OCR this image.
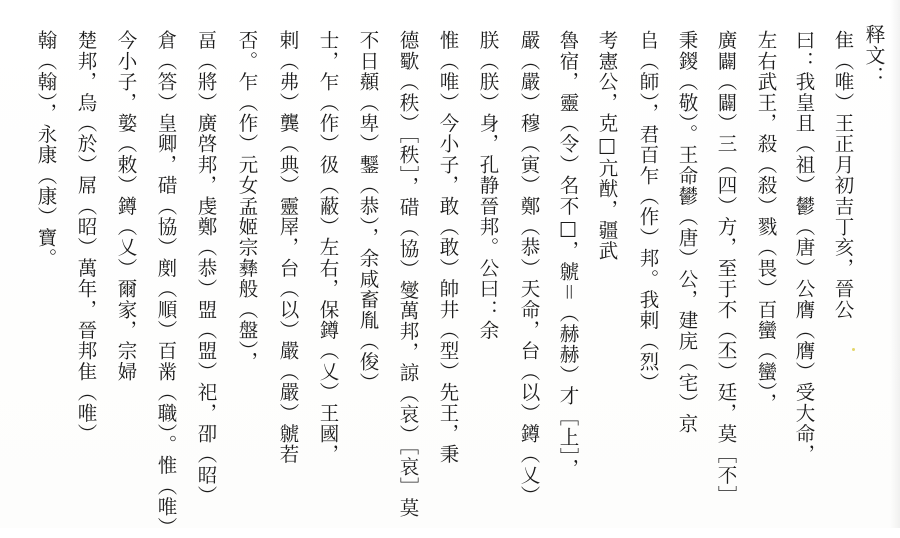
释文：
隹（唯）王正月初吉丁亥，晉公
曰：我皇且（祖）鬰（唐）公膺（膺）受大命，
左右武王，殺（殺）戮（畏）百蠻（蠻），
廣闢（闢）三（四）方，至于不（丕）廷，莫［不］
秉鍐（敬）。王命鬰（唐）公，建庑（宅）京
𠂤（師），君百乍（作）邦。我剌（烈）
考憲公，克□亢猷，疆武
魯宿，靈（令）名不□，虩＝（赫赫）才［上］，
嚴（嚴）穆（寅）鄭（恭）天命，台（以）鐏（乂）
朕（朕）身，孔静晉邦。公曰：余
惟（唯）今小子，敢（敢）帥井（型）先王，秉
德歜（秩）［秩］，碏（協）燮萬邦，諒（哀）［哀］莫
不日顤（卑）鑋（恭），余咸畜胤（俊）
士，乍（作）彶（蔽）左右，保鐏（乂）王國，
剌（弗）龔（典）靈屖，台（以）嚴（嚴）虩若
否。乍（作）元女孟姬宗彝般（盤），
畐（將）廣啓邦，虔鄭（恭）盟（盟）祀，卲（昭）
倉（答）皇卿，碏（協）剫（順）百黹（職）。惟（唯）
今小子，嬜（敕）鐏（乂）爾家，宗婦
楚邦，烏（於）屌（昭）萬年，晉邦隹（唯）
翰（翰），永康（康）寶。
